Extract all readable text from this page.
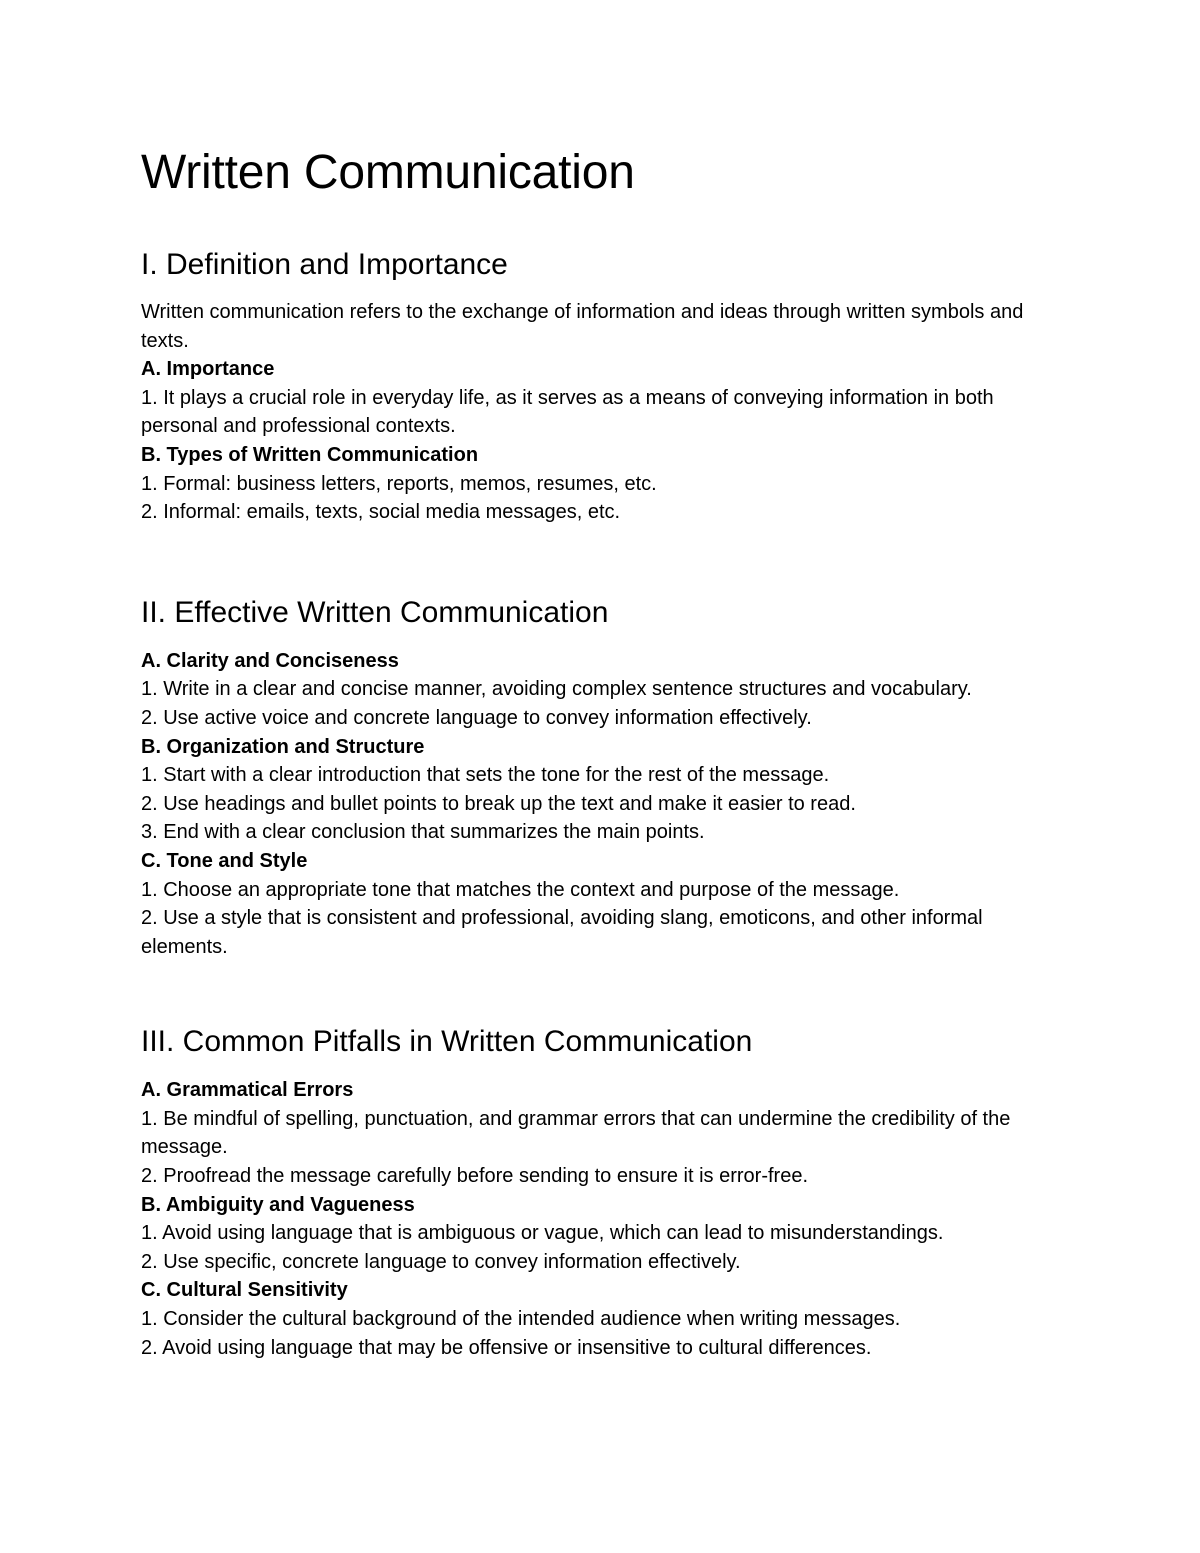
Written Communication
I. Definition and Importance

Written communication refers to the exchange of information and ideas through written symbols and texts.

A. Importance

1. It plays a crucial role in everyday life, as it serves as a means of conveying information in both personal and professional contexts.

B. Types of Written Communication

1. Formal: business letters, reports, memos, resumes, etc.

2. Informal: emails, texts, social media messages, etc.

II. Effective Written Communication

A. Clarity and Conciseness

1. Write in a clear and concise manner, avoiding complex sentence structures and vocabulary.

2. Use active voice and concrete language to convey information effectively.

B. Organization and Structure

1. Start with a clear introduction that sets the tone for the rest of the message.

2. Use headings and bullet points to break up the text and make it easier to read.

3. End with a clear conclusion that summarizes the main points.

C. Tone and Style

1. Choose an appropriate tone that matches the context and purpose of the message.

2. Use a style that is consistent and professional, avoiding slang, emoticons, and other informal elements.

III. Common Pitfalls in Written Communication

A. Grammatical Errors

1. Be mindful of spelling, punctuation, and grammar errors that can undermine the credibility of the message.

2. Proofread the message carefully before sending to ensure it is error-free.

B. Ambiguity and Vagueness

1. Avoid using language that is ambiguous or vague, which can lead to misunderstandings.

2. Use specific, concrete language to convey information effectively.

C. Cultural Sensitivity

1. Consider the cultural background of the intended audience when writing messages.

2. Avoid using language that may be offensive or insensitive to cultural differences.
